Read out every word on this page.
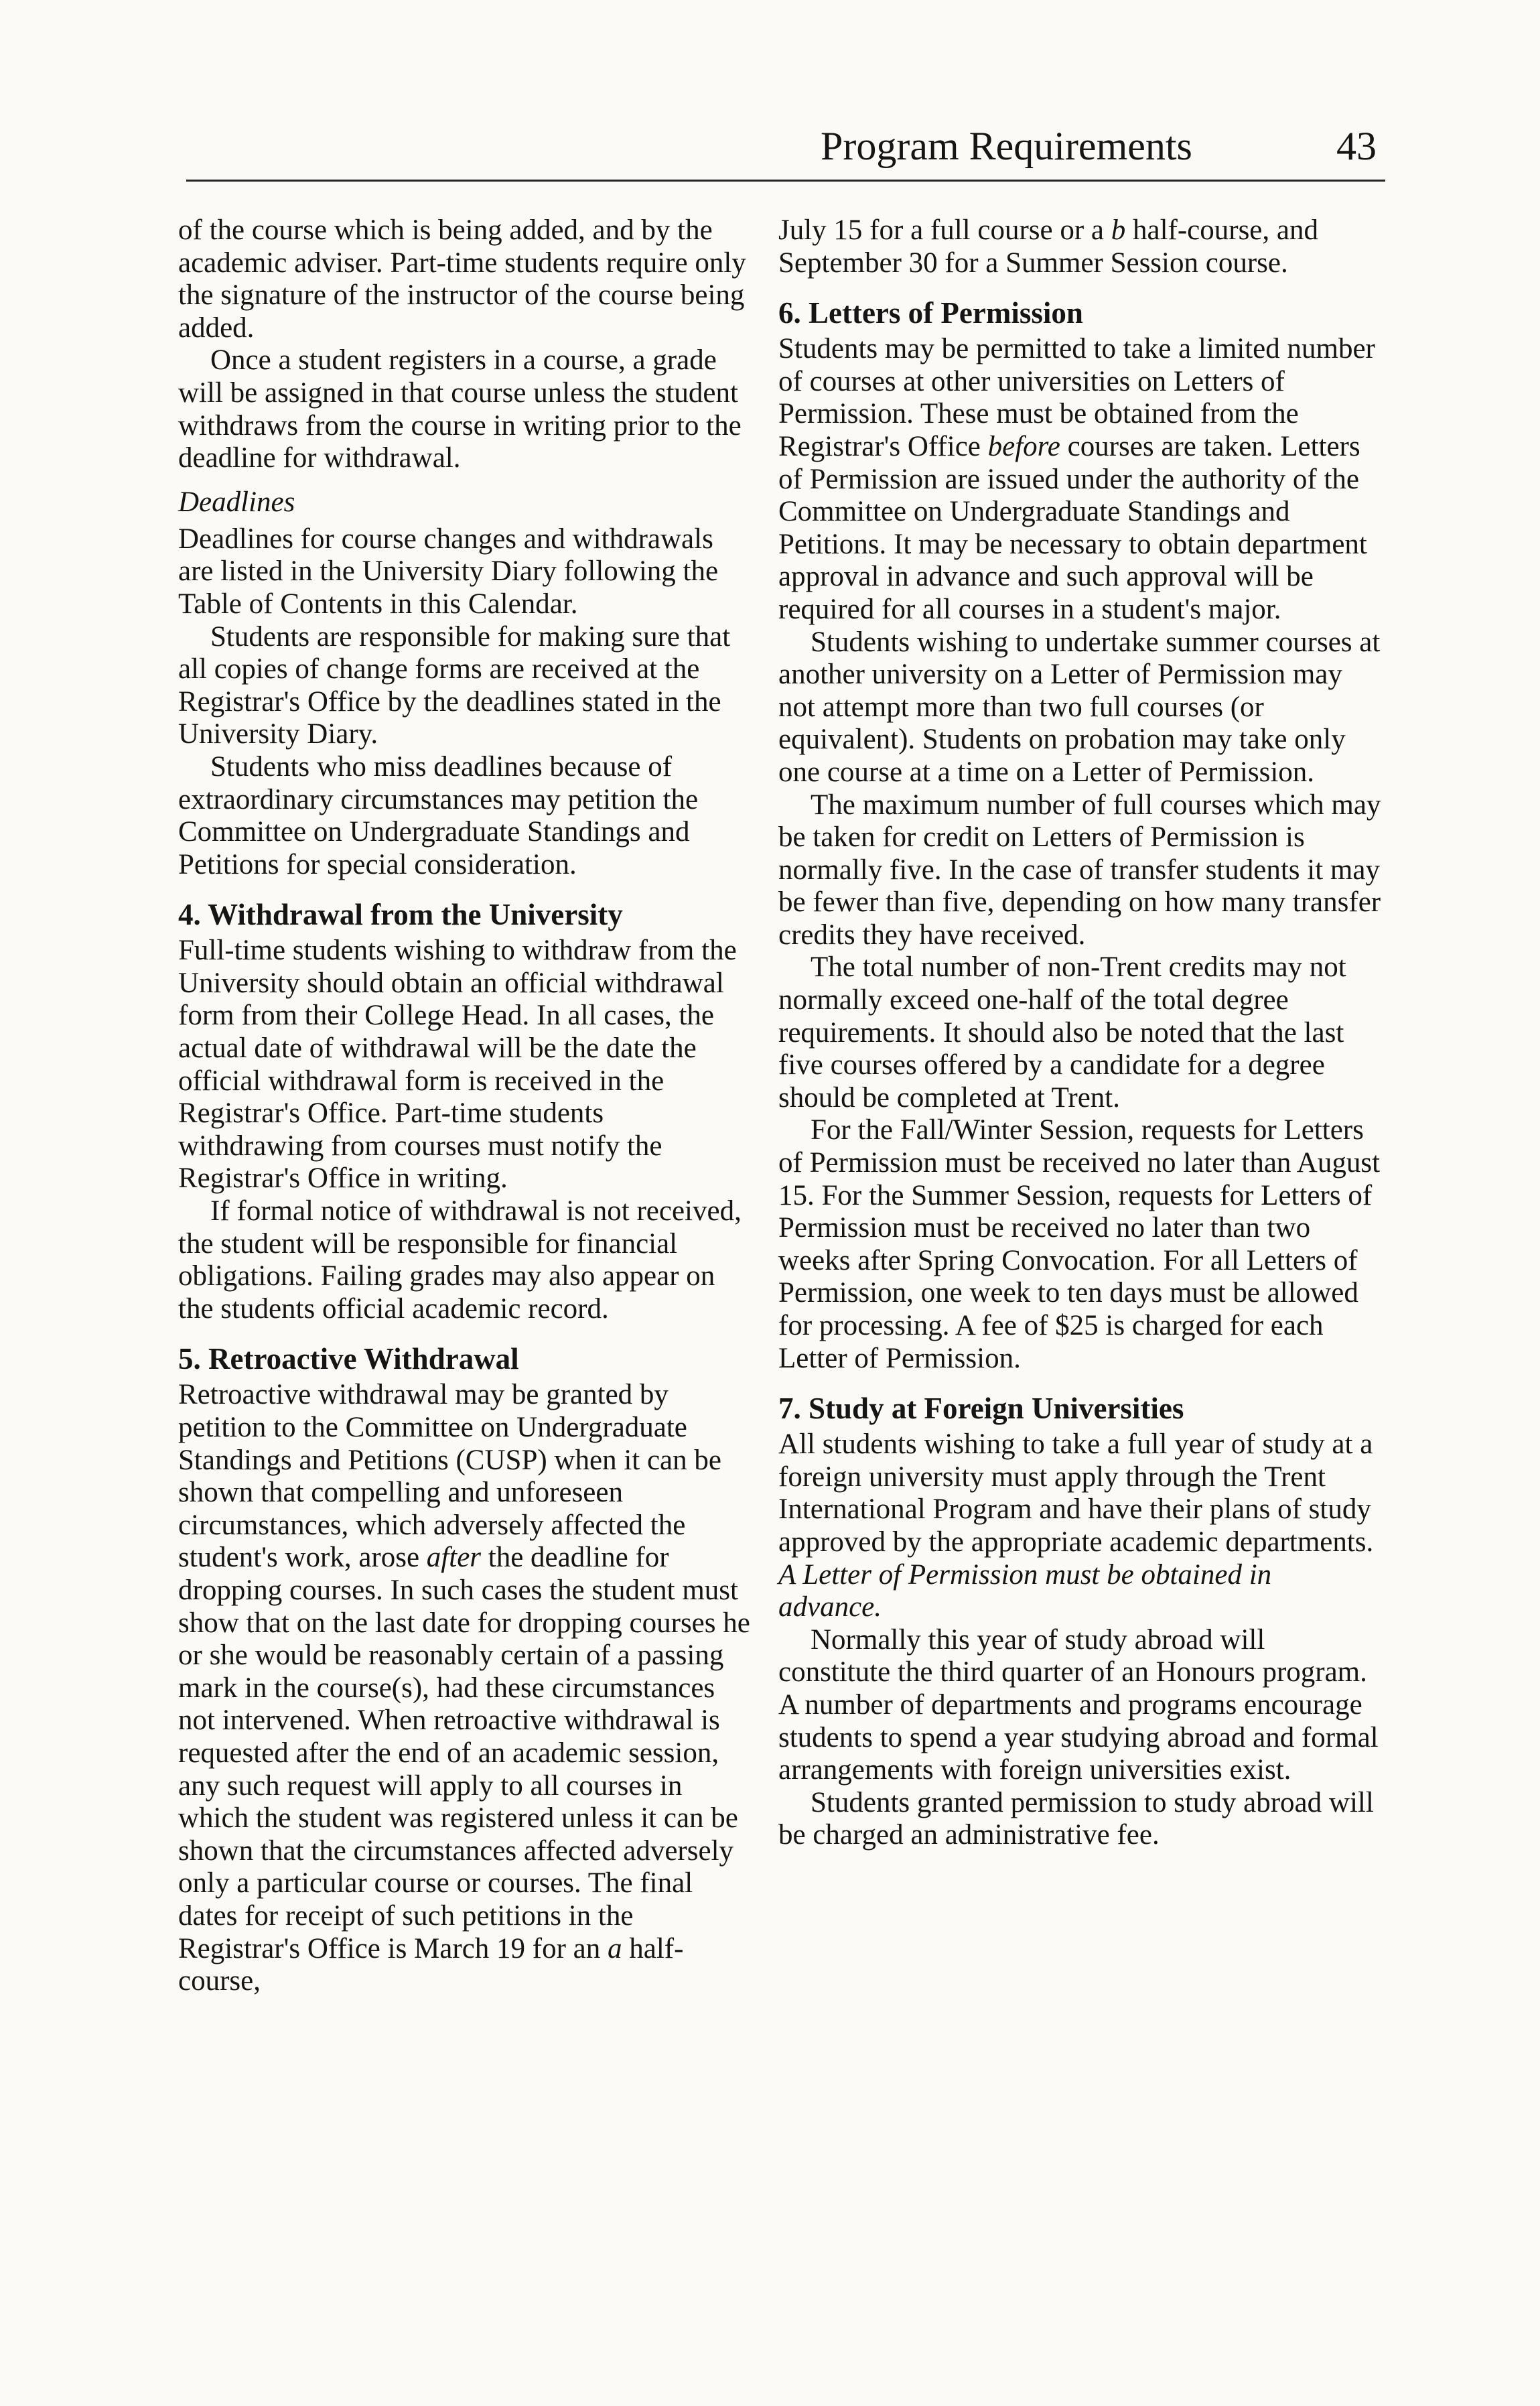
Program Requirements	43

of the course which is being added, and by the academic adviser. Part-time students require only the signature of the instructor of the course being added.

Once a student registers in a course, a grade will be assigned in that course unless the student withdraws from the course in writing prior to the deadline for withdrawal.

Deadlines

Deadlines for course changes and withdrawals are listed in the University Diary following the Table of Contents in this Calendar.

Students are responsible for making sure that all copies of change forms are received at the Registrar's Office by the deadlines stated in the University Diary.

Students who miss deadlines because of extraordinary circumstances may petition the Committee on Undergraduate Standings and Petitions for special consideration.

4. Withdrawal from the University

Full-time students wishing to withdraw from the University should obtain an official withdrawal form from their College Head. In all cases, the actual date of withdrawal will be the date the official withdrawal form is received in the Registrar's Office. Part-time students withdrawing from courses must notify the Registrar's Office in writing.

If formal notice of withdrawal is not received, the student will be responsible for financial obligations. Failing grades may also appear on the students official academic record.

5. Retroactive Withdrawal

Retroactive withdrawal may be granted by petition to the Committee on Undergraduate Standings and Petitions (CUSP) when it can be shown that compelling and unforeseen circumstances, which adversely affected the student's work, arose after the deadline for dropping courses. In such cases the student must show that on the last date for dropping courses he or she would be reasonably certain of a passing mark in the course(s), had these circumstances not intervened. When retroactive withdrawal is requested after the end of an academic session, any such request will apply to all courses in which the student was registered unless it can be shown that the circumstances affected adversely only a particular course or courses. The final dates for receipt of such petitions in the Registrar's Office is March 19 for an a half-course,

July 15 for a full course or a b half-course, and September 30 for a Summer Session course.

6. Letters of Permission

Students may be permitted to take a limited number of courses at other universities on Letters of Permission. These must be obtained from the Registrar's Office before courses are taken. Letters of Permission are issued under the authority of the Committee on Undergraduate Standings and Petitions. It may be necessary to obtain department approval in advance and such approval will be required for all courses in a student's major.

Students wishing to undertake summer courses at another university on a Letter of Permission may not attempt more than two full courses (or equivalent). Students on probation may take only one course at a time on a Letter of Permission.

The maximum number of full courses which may be taken for credit on Letters of Permission is normally five. In the case of transfer students it may be fewer than five, depending on how many transfer credits they have received.

The total number of non-Trent credits may not normally exceed one-half of the total degree requirements. It should also be noted that the last five courses offered by a candidate for a degree should be completed at Trent.

For the Fall/Winter Session, requests for Letters of Permission must be received no later than August 15. For the Summer Session, requests for Letters of Permission must be received no later than two weeks after Spring Convocation. For all Letters of Permission, one week to ten days must be allowed for processing. A fee of $25 is charged for each Letter of Permission.

7. Study at Foreign Universities

All students wishing to take a full year of study at a foreign university must apply through the Trent International Program and have their plans of study approved by the appropriate academic departments.

A Letter of Permission must be obtained in advance.

Normally this year of study abroad will constitute the third quarter of an Honours program. A number of departments and programs encourage students to spend a year studying abroad and formal arrangements with foreign universities exist.

Students granted permission to study abroad will be charged an administrative fee.
